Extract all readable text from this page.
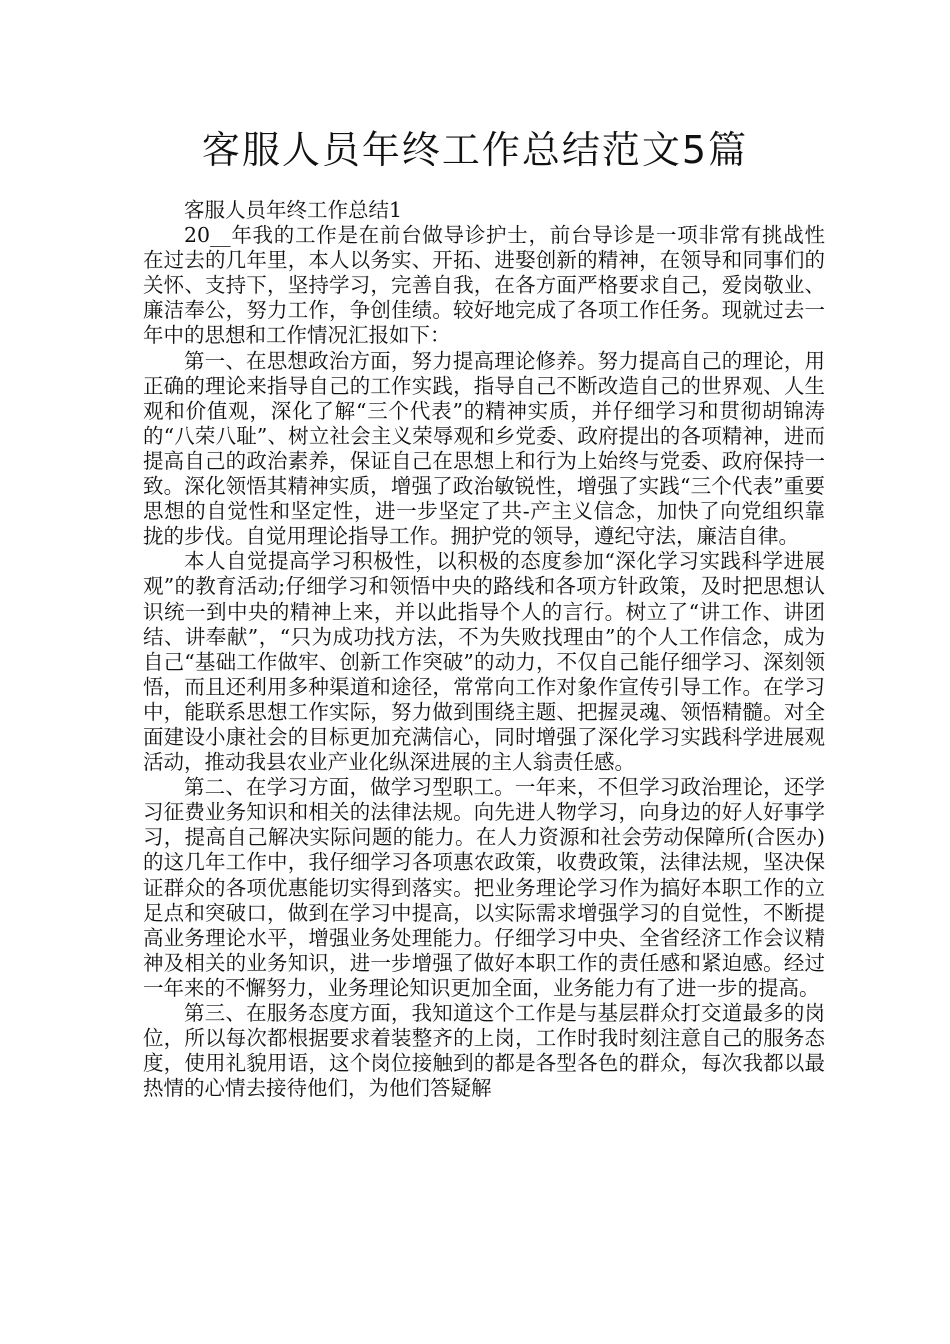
客服人员年终工作总结范文5篇

客服人员年终工作总结1

20__年我的工作是在前台做导诊护士，前台导诊是一项非常有挑战性在过去的几年里，本人以务实、开拓、进娶创新的精神，在领导和同事们的关怀、支持下，坚持学习，完善自我，在各方面严格要求自己，爱岗敬业、廉洁奉公，努力工作，争创佳绩。较好地完成了各项工作任务。现就过去一年中的思想和工作情况汇报如下：

第一、在思想政治方面，努力提高理论修养。努力提高自己的理论，用正确的理论来指导自己的工作实践，指导自己不断改造自己的世界观、人生观和价值观，深化了解“三个代表”的精神实质，并仔细学习和贯彻胡锦涛的“八荣八耻”、树立社会主义荣辱观和乡党委、政府提出的各项精神，进而提高自己的政治素养，保证自己在思想上和行为上始终与党委、政府保持一致。深化领悟其精神实质，增强了政治敏锐性，增强了实践“三个代表”重要思想的自觉性和坚定性，进一步坚定了共-产主义信念，加快了向党组织靠拢的步伐。自觉用理论指导工作。拥护党的领导，遵纪守法，廉洁自律。

本人自觉提高学习积极性，以积极的态度参加“深化学习实践科学进展观”的教育活动;仔细学习和领悟中央的路线和各项方针政策，及时把思想认识统一到中央的精神上来，并以此指导个人的言行。树立了“讲工作、讲团结、讲奉献”，“只为成功找方法，不为失败找理由”的个人工作信念，成为自己“基础工作做牢、创新工作突破”的动力，不仅自己能仔细学习、深刻领悟，而且还利用多种渠道和途径，常常向工作对象作宣传引导工作。在学习中，能联系思想工作实际，努力做到围绕主题、把握灵魂、领悟精髓。对全面建设小康社会的目标更加充满信心，同时增强了深化学习实践科学进展观活动，推动我县农业产业化纵深进展的主人翁责任感。

第二、在学习方面，做学习型职工。一年来，不但学习政治理论，还学习征费业务知识和相关的法律法规。向先进人物学习，向身边的好人好事学习，提高自己解决实际问题的能力。在人力资源和社会劳动保障所(合医办)的这几年工作中，我仔细学习各项惠农政策，收费政策，法律法规，坚决保证群众的各项优惠能切实得到落实。把业务理论学习作为搞好本职工作的立足点和突破口，做到在学习中提高，以实际需求增强学习的自觉性，不断提高业务理论水平，增强业务处理能力。仔细学习中央、全省经济工作会议精神及相关的业务知识，进一步增强了做好本职工作的责任感和紧迫感。经过一年来的不懈努力，业务理论知识更加全面，业务能力有了进一步的提高。

第三、在服务态度方面，我知道这个工作是与基层群众打交道最多的岗位，所以每次都根据要求着装整齐的上岗，工作时我时刻注意自己的服务态度，使用礼貌用语，这个岗位接触到的都是各型各色的群众，每次我都以最热情的心情去接待他们，为他们答疑解
